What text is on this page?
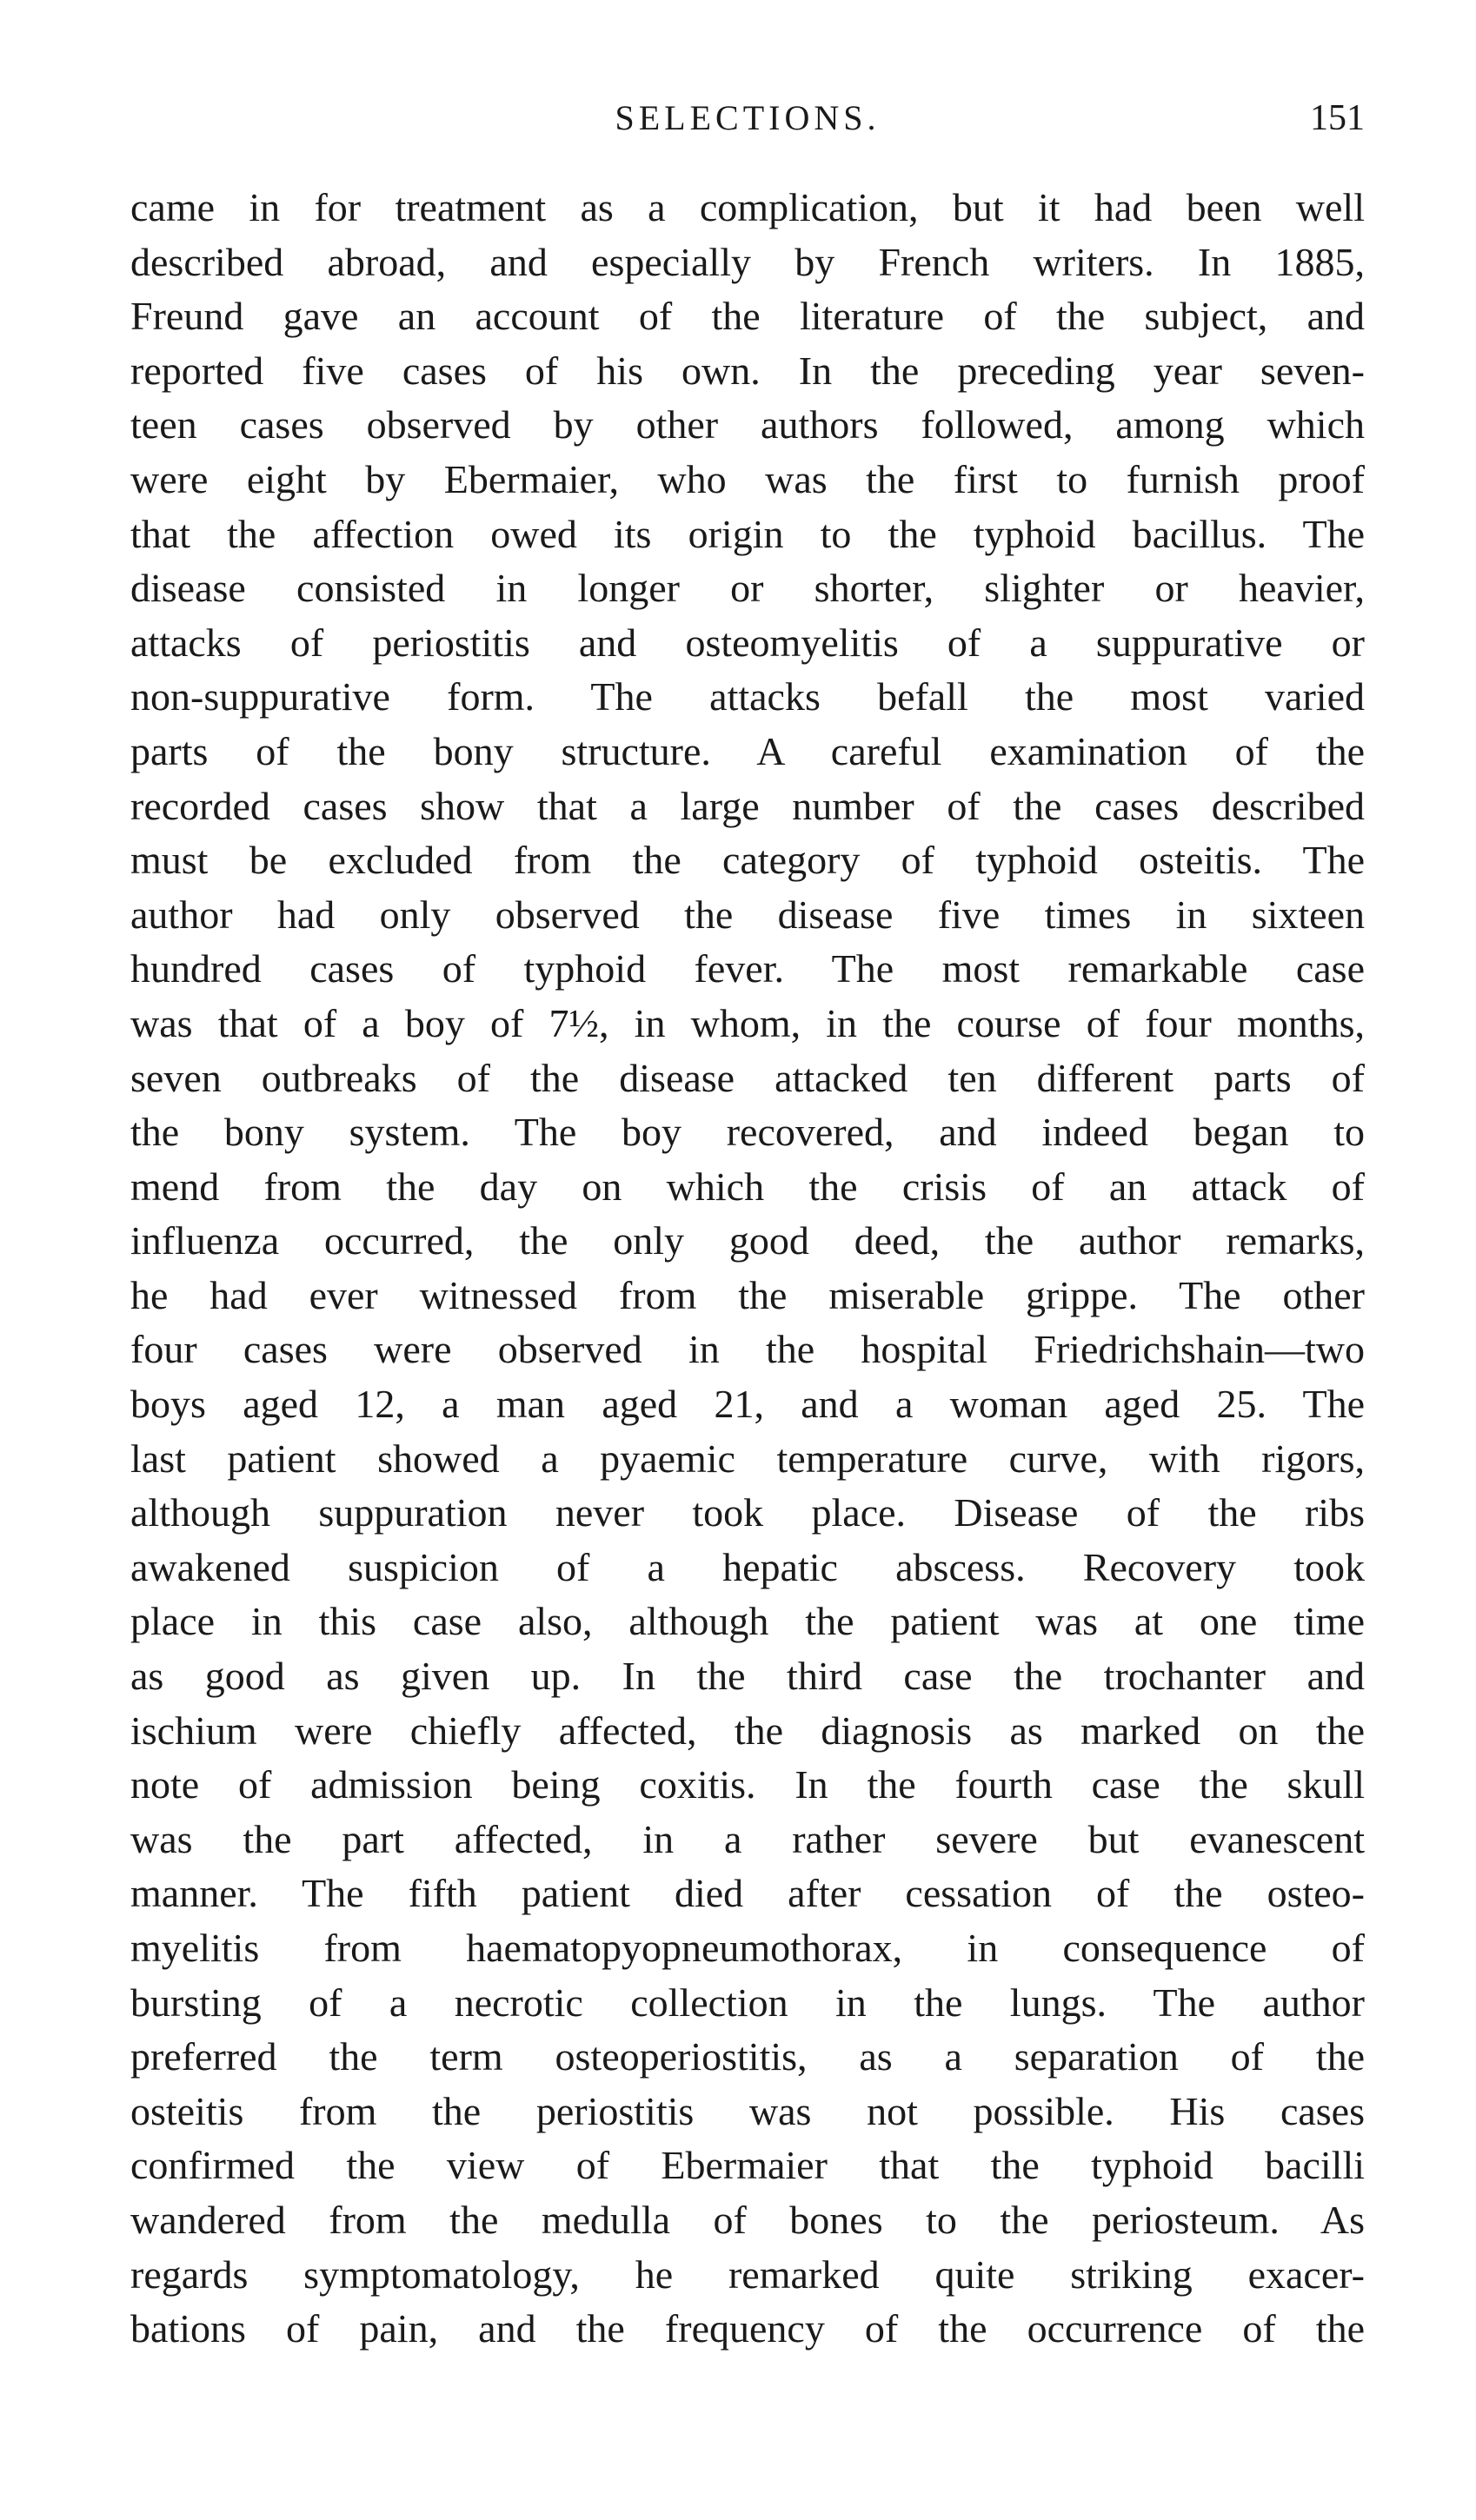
SELECTIONS.	151
came in for treatment as a complication, but it had been well
described abroad, and especially by French writers. In 1885,
Freund gave an account of the literature of the subject, and
reported five cases of his own. In the preceding year seven-
teen cases observed by other authors followed, among which
were eight by Ebermaier, who was the first to furnish proof
that the affection owed its origin to the typhoid bacillus. The
disease consisted in longer or shorter, slighter or heavier,
attacks of periostitis and osteomyelitis of a suppurative or
non-suppurative form. The attacks befall the most varied
parts of the bony structure. A careful examination of the
recorded cases show that a large number of the cases described
must be excluded from the category of typhoid osteitis. The
author had only observed the disease five times in sixteen
hundred cases of typhoid fever. The most remarkable case
was that of a boy of 7½, in whom, in the course of four months,
seven outbreaks of the disease attacked ten different parts of
the bony system. The boy recovered, and indeed began to
mend from the day on which the crisis of an attack of
influenza occurred, the only good deed, the author remarks,
he had ever witnessed from the miserable grippe. The other
four cases were observed in the hospital Friedrichshain—two
boys aged 12, a man aged 21, and a woman aged 25. The
last patient showed a pyaemic temperature curve, with rigors,
although suppuration never took place. Disease of the ribs
awakened suspicion of a hepatic abscess. Recovery took
place in this case also, although the patient was at one time
as good as given up. In the third case the trochanter and
ischium were chiefly affected, the diagnosis as marked on the
note of admission being coxitis. In the fourth case the skull
was the part affected, in a rather severe but evanescent
manner. The fifth patient died after cessation of the osteo-
myelitis from haematopyopneumothorax, in consequence of
bursting of a necrotic collection in the lungs. The author
preferred the term osteoperiostitis, as a separation of the
osteitis from the periostitis was not possible. His cases
confirmed the view of Ebermaier that the typhoid bacilli
wandered from the medulla of bones to the periosteum. As
regards symptomatology, he remarked quite striking exacer-
bations of pain, and the frequency of the occurrence of the
